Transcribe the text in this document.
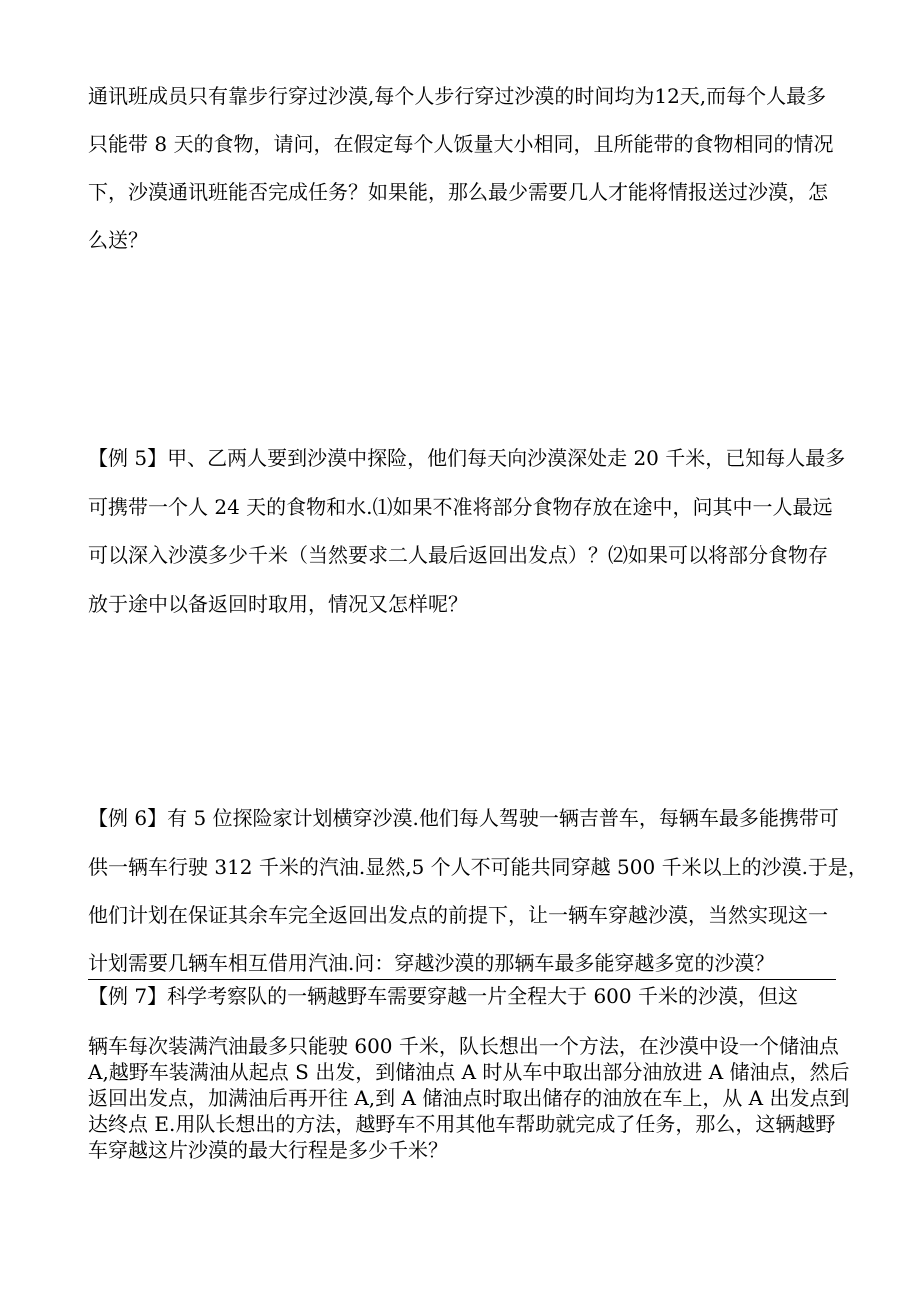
通讯班成员只有靠步行穿过沙漠,每个人步行穿过沙漠的时间均为12天,而每个人最多
只能带 8 天的食物，请问，在假定每个人饭量大小相同，且所能带的食物相同的情况
下，沙漠通讯班能否完成任务？如果能，那么最少需要几人才能将情报送过沙漠，怎
么送？
【例 5】甲、乙两人要到沙漠中探险，他们每天向沙漠深处走 20 千米，已知每人最多
可携带一个人 24 天的食物和水.⑴如果不准将部分食物存放在途中，问其中一人最远
可以深入沙漠多少千米（当然要求二人最后返回出发点）？⑵如果可以将部分食物存
放于途中以备返回时取用，情况又怎样呢？
【例 6】有 5 位探险家计划横穿沙漠.他们每人驾驶一辆吉普车，每辆车最多能携带可
供一辆车行驶 312 千米的汽油.显然,5 个人不可能共同穿越 500 千米以上的沙漠.于是，
他们计划在保证其余车完全返回出发点的前提下，让一辆车穿越沙漠，当然实现这一
计划需要几辆车相互借用汽油.问：穿越沙漠的那辆车最多能穿越多宽的沙漠？
【例 7】科学考察队的一辆越野车需要穿越一片全程大于 600 千米的沙漠，但这
辆车每次装满汽油最多只能驶 600 千米，队长想出一个方法，在沙漠中设一个储油点
A,越野车装满油从起点 S 出发，到储油点 A 时从车中取出部分油放进 A 储油点，然后
返回出发点，加满油后再开往 A,到 A 储油点时取出储存的油放在车上，从 A 出发点到
达终点 E.用队长想出的方法，越野车不用其他车帮助就完成了任务，那么，这辆越野
车穿越这片沙漠的最大行程是多少千米？
